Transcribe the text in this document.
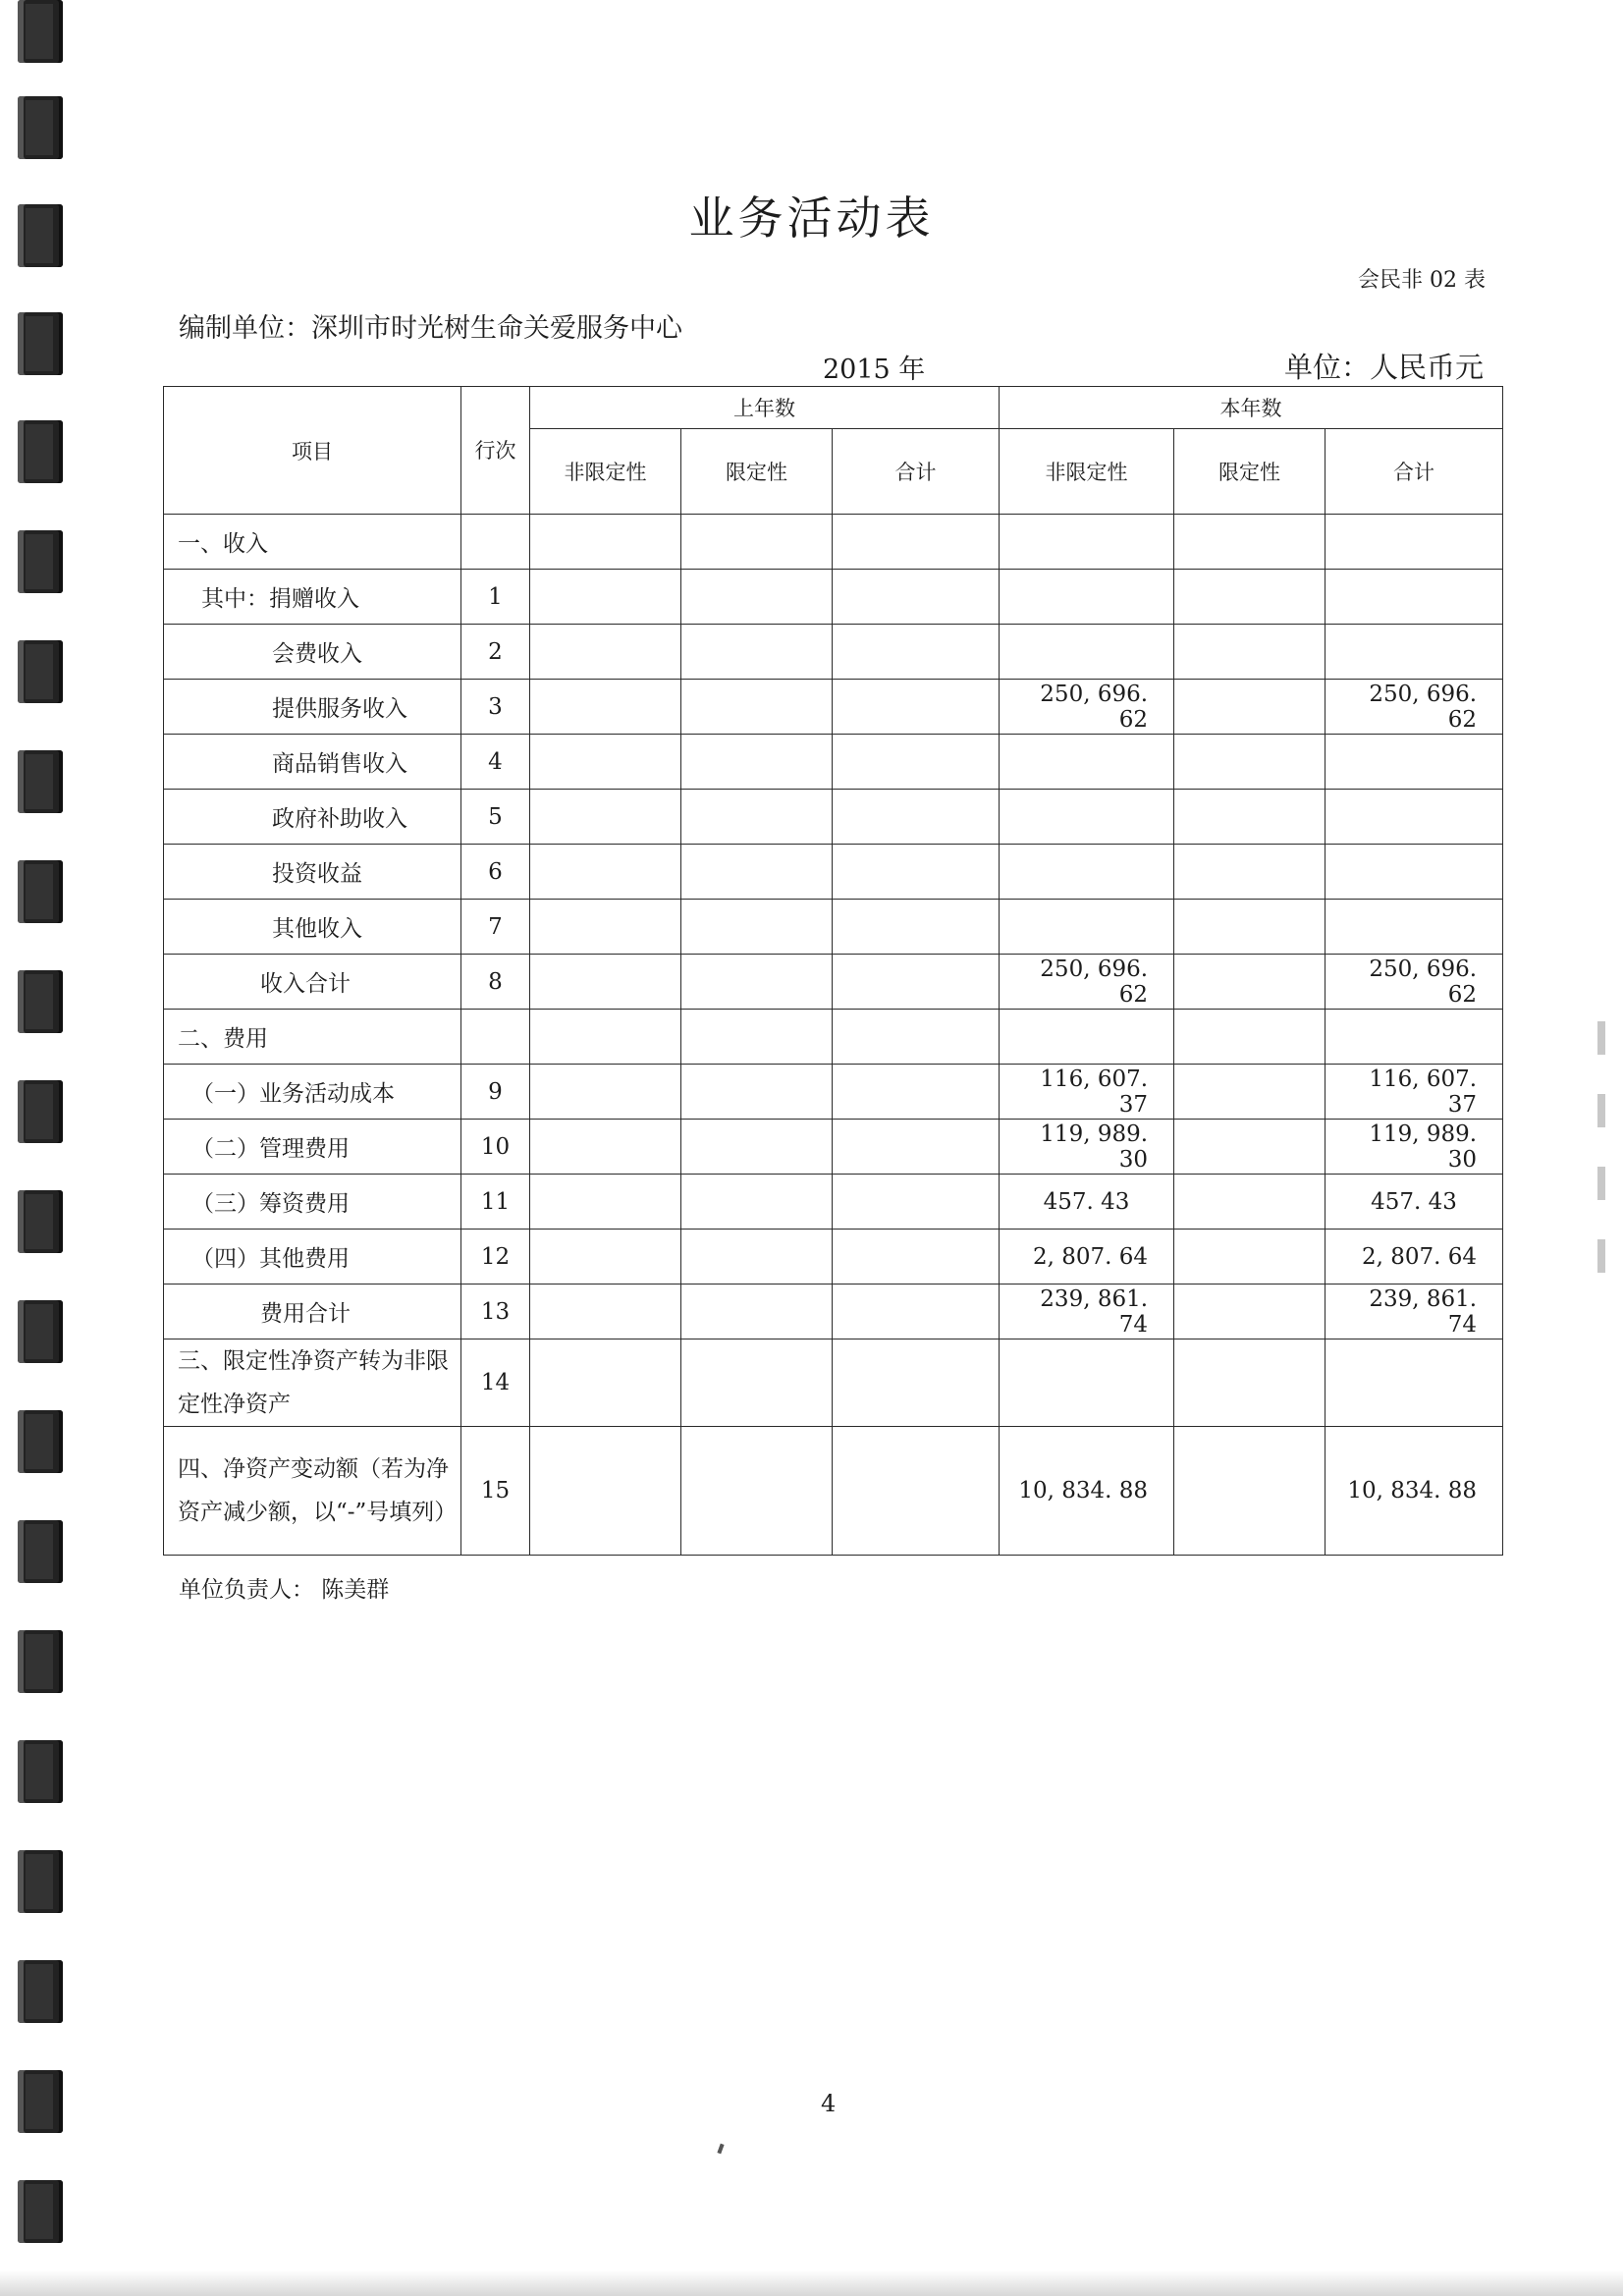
业务活动表
会民非 02 表
编制单位：深圳市时光树生命关爱服务中心
2015 年	单位：人民币元
项目	行次	上年数			本年数		
		非限定性	限定性	合计	非限定性	限定性	合计
一、收入							
其中：捐赠收入	1						
会费收入	2						
提供服务收入	3				250, 696. 62		250, 696. 62
商品销售收入	4						
政府补助收入	5						
投资收益	6						
其他收入	7						
收入合计	8				250, 696. 62		250, 696. 62
二、费用							
（一）业务活动成本	9				116, 607. 37		116, 607. 37
（二）管理费用	10				119, 989. 30		119, 989. 30
（三）筹资费用	11				457. 43		457. 43
（四）其他费用	12				2, 807. 64		2, 807. 64
费用合计	13				239, 861. 74		239, 861. 74
三、限定性净资产转为非限定性净资产	14						
四、净资产变动额（若为净资产减少额，以“-”号填列）	15				10, 834. 88		10, 834. 88
单位负责人： 陈美群
4
